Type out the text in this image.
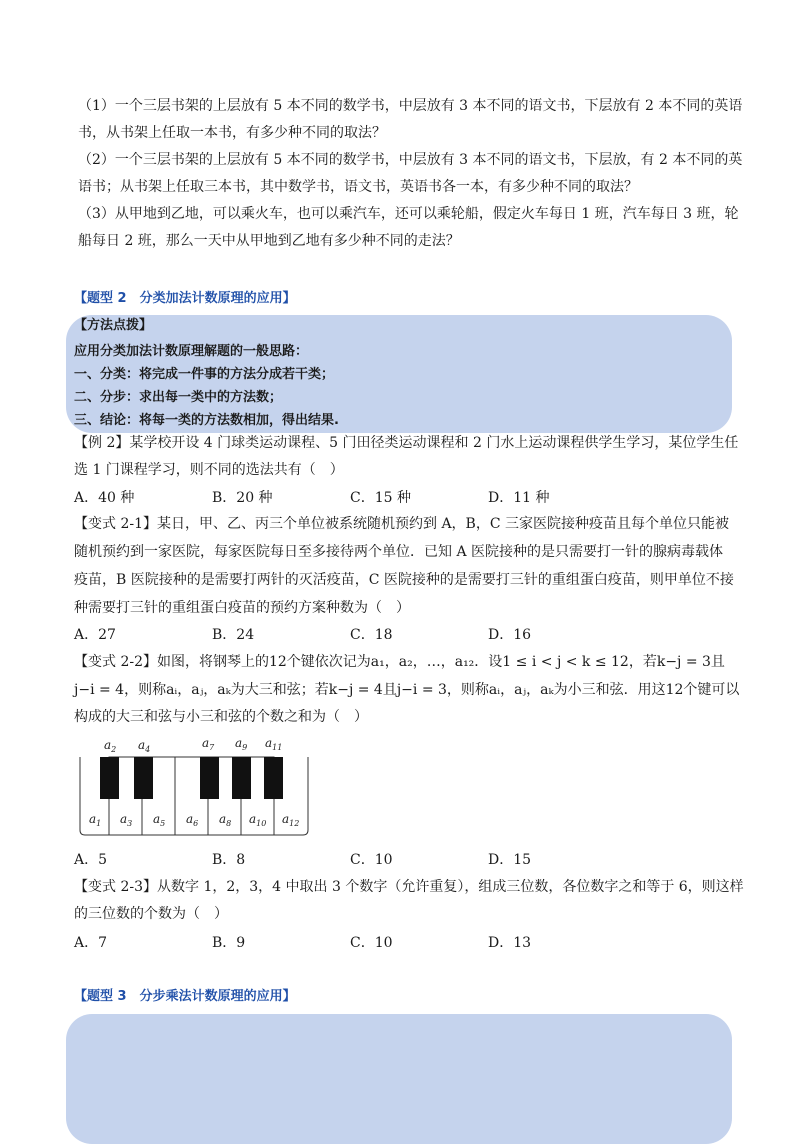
（1）一个三层书架的上层放有 5 本不同的数学书，中层放有 3 本不同的语文书，下层放有 2 本不同的英语
书，从书架上任取一本书，有多少种不同的取法？
（2）一个三层书架的上层放有 5 本不同的数学书，中层放有 3 本不同的语文书，下层放，有 2 本不同的英
语书；从书架上任取三本书，其中数学书，语文书，英语书各一本，有多少种不同的取法？
（3）从甲地到乙地，可以乘火车，也可以乘汽车，还可以乘轮船，假定火车每日 1 班，汽车每日 3 班，轮
船每日 2 班，那么一天中从甲地到乙地有多少种不同的走法？
【题型 2　分类加法计数原理的应用】
【方法点拨】
应用分类加法计数原理解题的一般思路：
一、分类：将完成一件事的方法分成若干类；
二、分步：求出每一类中的方法数；
三、结论：将每一类的方法数相加，得出结果.
【例 2】某学校开设 4 门球类运动课程、5 门田径类运动课程和 2 门水上运动课程供学生学习，某位学生任
选 1 门课程学习，则不同的选法共有（　）
A．40 种	B．20 种	C．15 种	D．11 种
【变式 2-1】某日，甲、乙、丙三个单位被系统随机预约到 A，B，C 三家医院接种疫苗且每个单位只能被
随机预约到一家医院，每家医院每日至多接待两个单位．已知 A 医院接种的是只需要打一针的腺病毒载体
疫苗，B 医院接种的是需要打两针的灭活疫苗，C 医院接种的是需要打三针的重组蛋白疫苗，则甲单位不接
种需要打三针的重组蛋白疫苗的预约方案种数为（　）
A．27	B．24	C．18	D．16
【变式 2-2】如图，将钢琴上的12个键依次记为a₁，a₂，…，a₁₂．设1 ≤ i < j < k ≤ 12，若k−j = 3且
j−i = 4，则称aᵢ，aⱼ，aₖ为大三和弦；若k−j = 4且j−i = 3，则称aᵢ，aⱼ，aₖ为小三和弦．用这12个键可以
构成的大三和弦与小三和弦的个数之和为（　）
$a_2$ $a_4$	$a_7$ $a_9$ $a_{11}$
$a_1$ $a_3$ $a_5$ $a_6$ $a_8$ $a_{10}$ $a_{12}$
A．5	B．8	C．10	D．15
【变式 2-3】从数字 1，2，3，4 中取出 3 个数字（允许重复），组成三位数，各位数字之和等于 6，则这样
的三位数的个数为（　）
A．7	B．9	C．10	D．13
【题型 3　分步乘法计数原理的应用】
